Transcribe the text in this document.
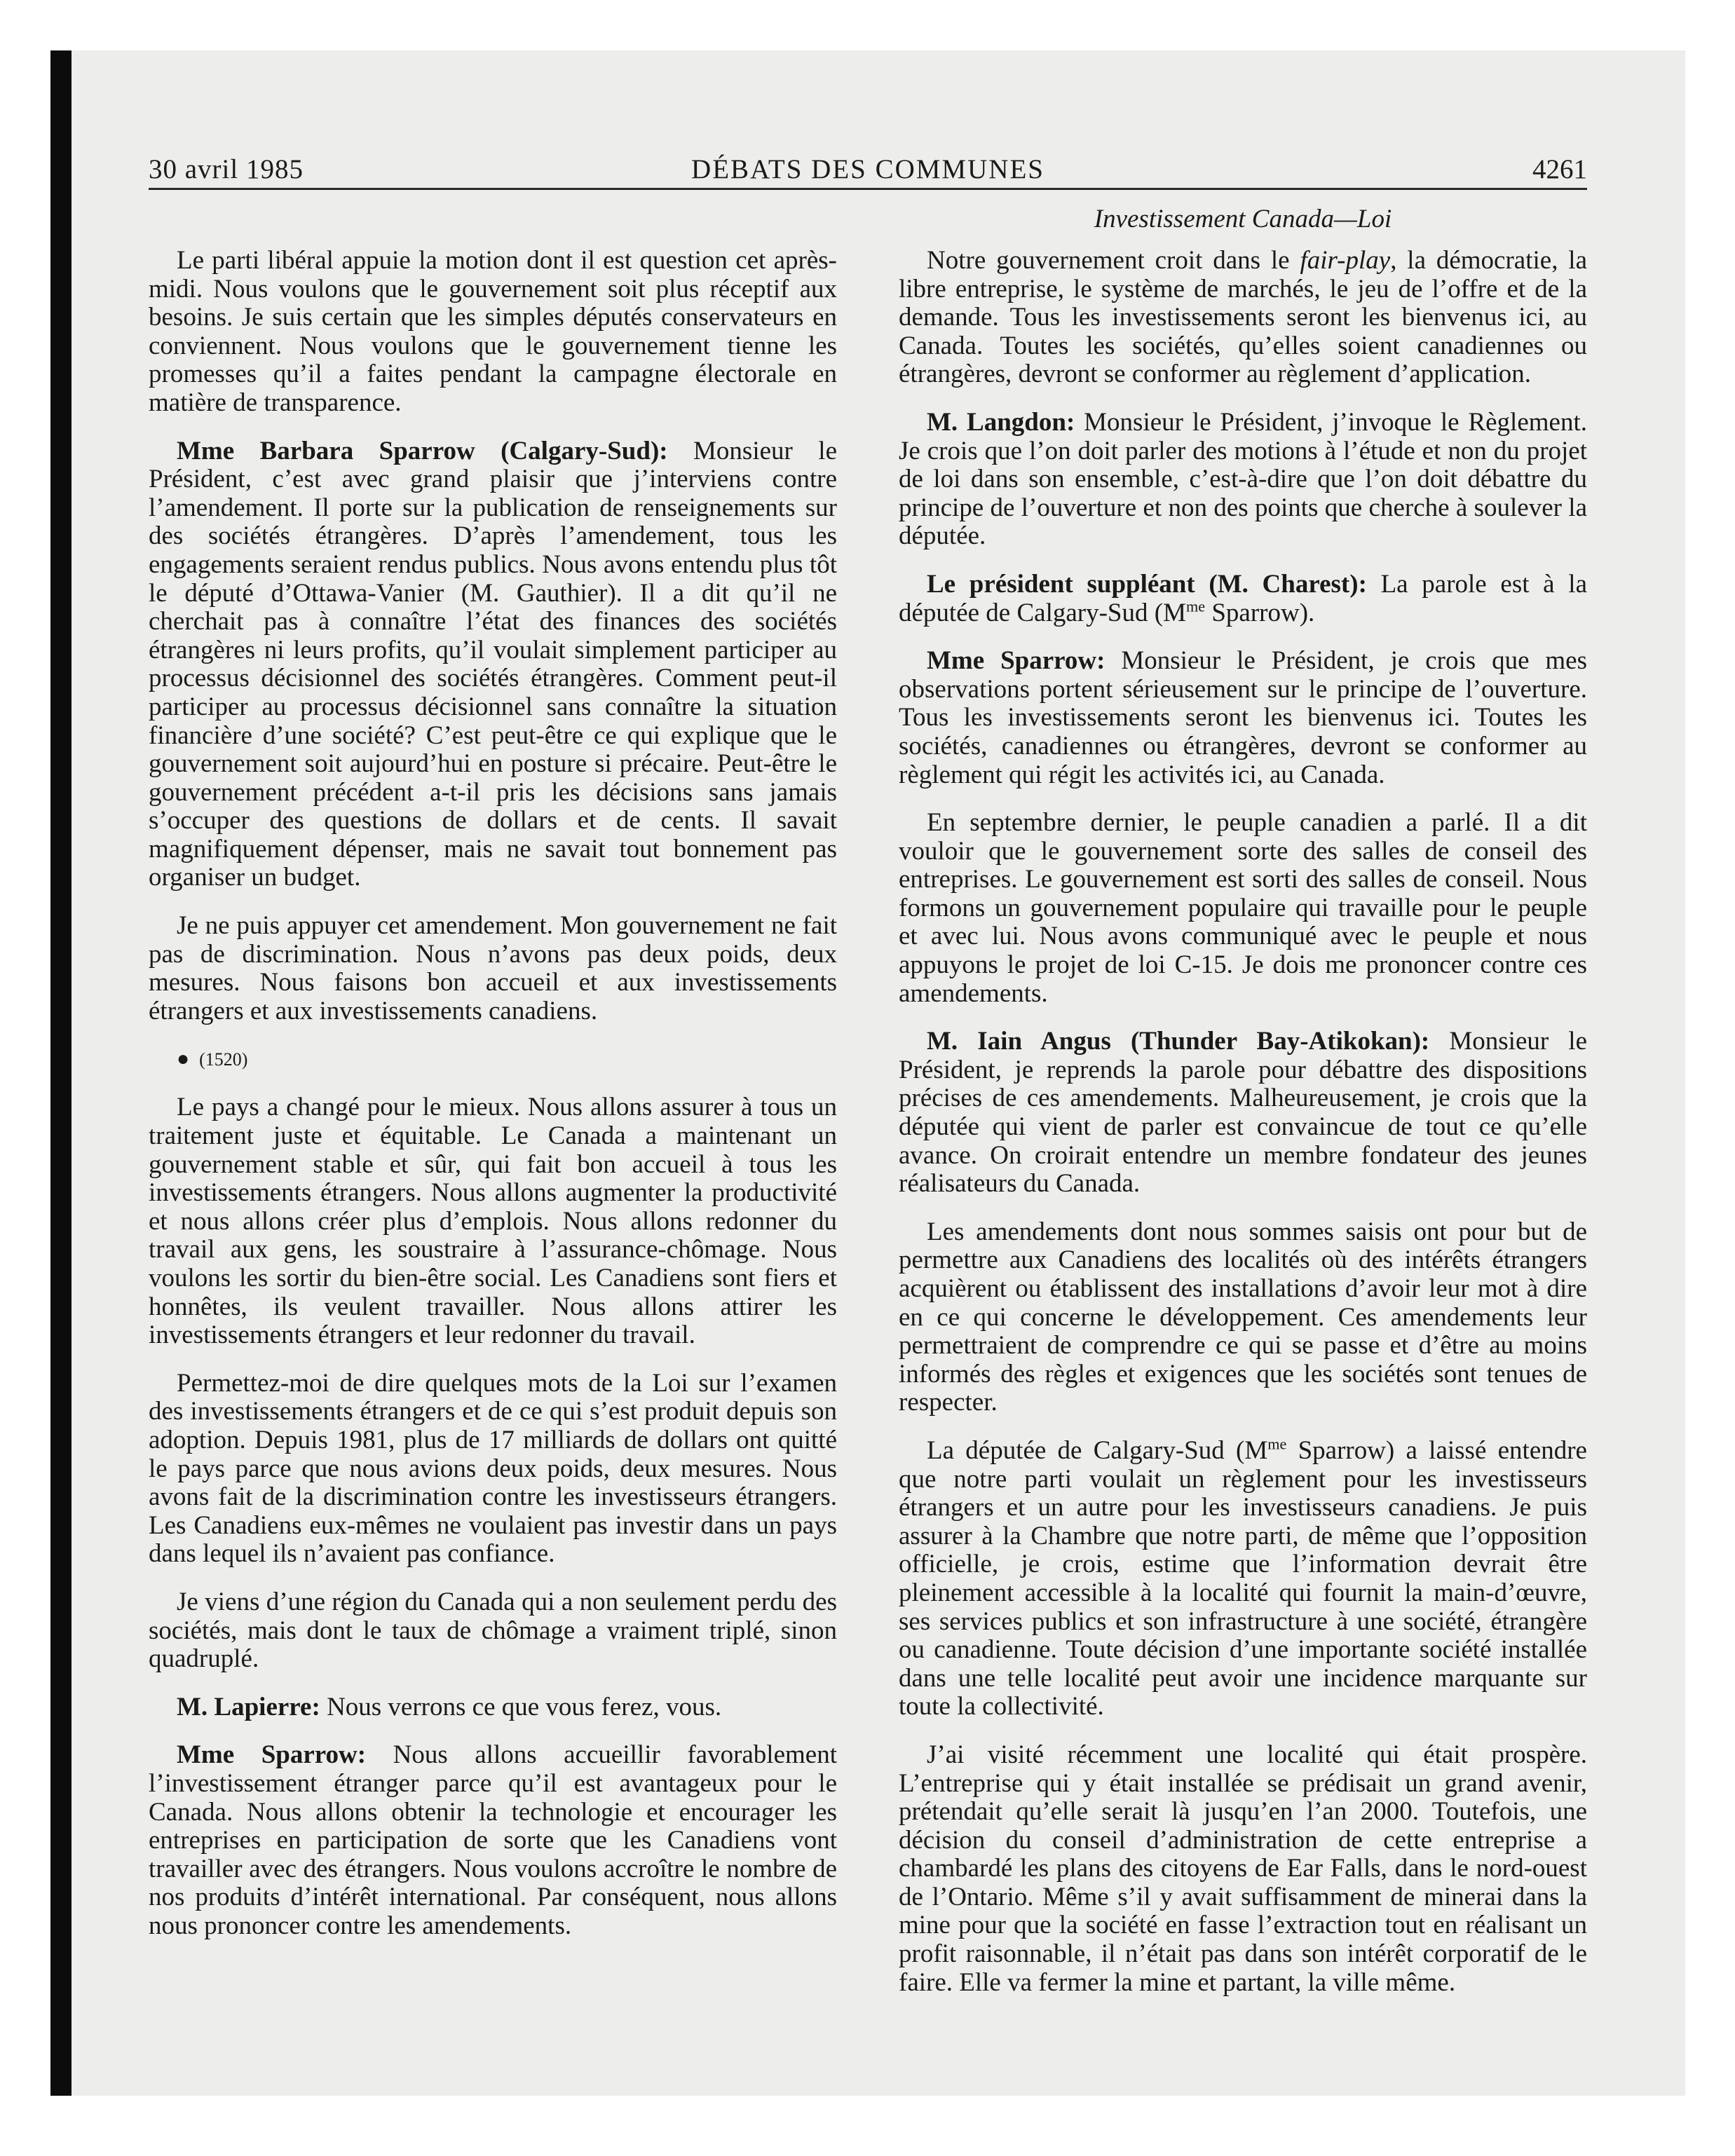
30 avril 1985	DÉBATS DES COMMUNES	4261
Investissement Canada—Loi

Le parti libéral appuie la motion dont il est question cet après-midi. Nous voulons que le gouvernement soit plus réceptif aux besoins. Je suis certain que les simples députés conservateurs en conviennent. Nous voulons que le gouvernement tienne les promesses qu’il a faites pendant la campagne électorale en matière de transparence.

Mme Barbara Sparrow (Calgary-Sud): Monsieur le Président, c’est avec grand plaisir que j’interviens contre l’amendement. Il porte sur la publication de renseignements sur des sociétés étrangères. D’après l’amendement, tous les engagements seraient rendus publics. Nous avons entendu plus tôt le député d’Ottawa-Vanier (M. Gauthier). Il a dit qu’il ne cherchait pas à connaître l’état des finances des sociétés étrangères ni leurs profits, qu’il voulait simplement participer au processus décisionnel des sociétés étrangères. Comment peut-il participer au processus décisionnel sans connaître la situation financière d’une société? C’est peut-être ce qui explique que le gouvernement soit aujourd’hui en posture si précaire. Peut-être le gouvernement précédent a-t-il pris les décisions sans jamais s’occuper des questions de dollars et de cents. Il savait magnifiquement dépenser, mais ne savait tout bonnement pas organiser un budget.

Je ne puis appuyer cet amendement. Mon gouvernement ne fait pas de discrimination. Nous n’avons pas deux poids, deux mesures. Nous faisons bon accueil et aux investissements étrangers et aux investissements canadiens.

● (1520)

Le pays a changé pour le mieux. Nous allons assurer à tous un traitement juste et équitable. Le Canada a maintenant un gouvernement stable et sûr, qui fait bon accueil à tous les investissements étrangers. Nous allons augmenter la productivité et nous allons créer plus d’emplois. Nous allons redonner du travail aux gens, les soustraire à l’assurance-chômage. Nous voulons les sortir du bien-être social. Les Canadiens sont fiers et honnêtes, ils veulent travailler. Nous allons attirer les investissements étrangers et leur redonner du travail.

Permettez-moi de dire quelques mots de la Loi sur l’examen des investissements étrangers et de ce qui s’est produit depuis son adoption. Depuis 1981, plus de 17 milliards de dollars ont quitté le pays parce que nous avions deux poids, deux mesures. Nous avons fait de la discrimination contre les investisseurs étrangers. Les Canadiens eux-mêmes ne voulaient pas investir dans un pays dans lequel ils n’avaient pas confiance.

Je viens d’une région du Canada qui a non seulement perdu des sociétés, mais dont le taux de chômage a vraiment triplé, sinon quadruplé.

M. Lapierre: Nous verrons ce que vous ferez, vous.

Mme Sparrow: Nous allons accueillir favorablement l’investissement étranger parce qu’il est avantageux pour le Canada. Nous allons obtenir la technologie et encourager les entreprises en participation de sorte que les Canadiens vont travailler avec des étrangers. Nous voulons accroître le nombre de nos produits d’intérêt international. Par conséquent, nous allons nous prononcer contre les amendements.

Notre gouvernement croit dans le fair-play, la démocratie, la libre entreprise, le système de marchés, le jeu de l’offre et de la demande. Tous les investissements seront les bienvenus ici, au Canada. Toutes les sociétés, qu’elles soient canadiennes ou étrangères, devront se conformer au règlement d’application.

M. Langdon: Monsieur le Président, j’invoque le Règlement. Je crois que l’on doit parler des motions à l’étude et non du projet de loi dans son ensemble, c’est-à-dire que l’on doit débattre du principe de l’ouverture et non des points que cherche à soulever la députée.

Le président suppléant (M. Charest): La parole est à la députée de Calgary-Sud ($M^{me}$ Sparrow).

Mme Sparrow: Monsieur le Président, je crois que mes observations portent sérieusement sur le principe de l’ouverture. Tous les investissements seront les bienvenus ici. Toutes les sociétés, canadiennes ou étrangères, devront se conformer au règlement qui régit les activités ici, au Canada.

En septembre dernier, le peuple canadien a parlé. Il a dit vouloir que le gouvernement sorte des salles de conseil des entreprises. Le gouvernement est sorti des salles de conseil. Nous formons un gouvernement populaire qui travaille pour le peuple et avec lui. Nous avons communiqué avec le peuple et nous appuyons le projet de loi C-15. Je dois me prononcer contre ces amendements.

M. Iain Angus (Thunder Bay-Atikokan): Monsieur le Président, je reprends la parole pour débattre des dispositions précises de ces amendements. Malheureusement, je crois que la députée qui vient de parler est convaincue de tout ce qu’elle avance. On croirait entendre un membre fondateur des jeunes réalisateurs du Canada.

Les amendements dont nous sommes saisis ont pour but de permettre aux Canadiens des localités où des intérêts étrangers acquièrent ou établissent des installations d’avoir leur mot à dire en ce qui concerne le développement. Ces amendements leur permettraient de comprendre ce qui se passe et d’être au moins informés des règles et exigences que les sociétés sont tenues de respecter.

La députée de Calgary-Sud ($M^{me}$ Sparrow) a laissé entendre que notre parti voulait un règlement pour les investisseurs étrangers et un autre pour les investisseurs canadiens. Je puis assurer à la Chambre que notre parti, de même que l’opposition officielle, je crois, estime que l’information devrait être pleinement accessible à la localité qui fournit la main-d’œuvre, ses services publics et son infrastructure à une société, étrangère ou canadienne. Toute décision d’une importante société installée dans une telle localité peut avoir une incidence marquante sur toute la collectivité.

J’ai visité récemment une localité qui était prospère. L’entreprise qui y était installée se prédisait un grand avenir, prétendait qu’elle serait là jusqu’en l’an 2000. Toutefois, une décision du conseil d’administration de cette entreprise a chambardé les plans des citoyens de Ear Falls, dans le nord-ouest de l’Ontario. Même s’il y avait suffisamment de minerai dans la mine pour que la société en fasse l’extraction tout en réalisant un profit raisonnable, il n’était pas dans son intérêt corporatif de le faire. Elle va fermer la mine et partant, la ville même.
